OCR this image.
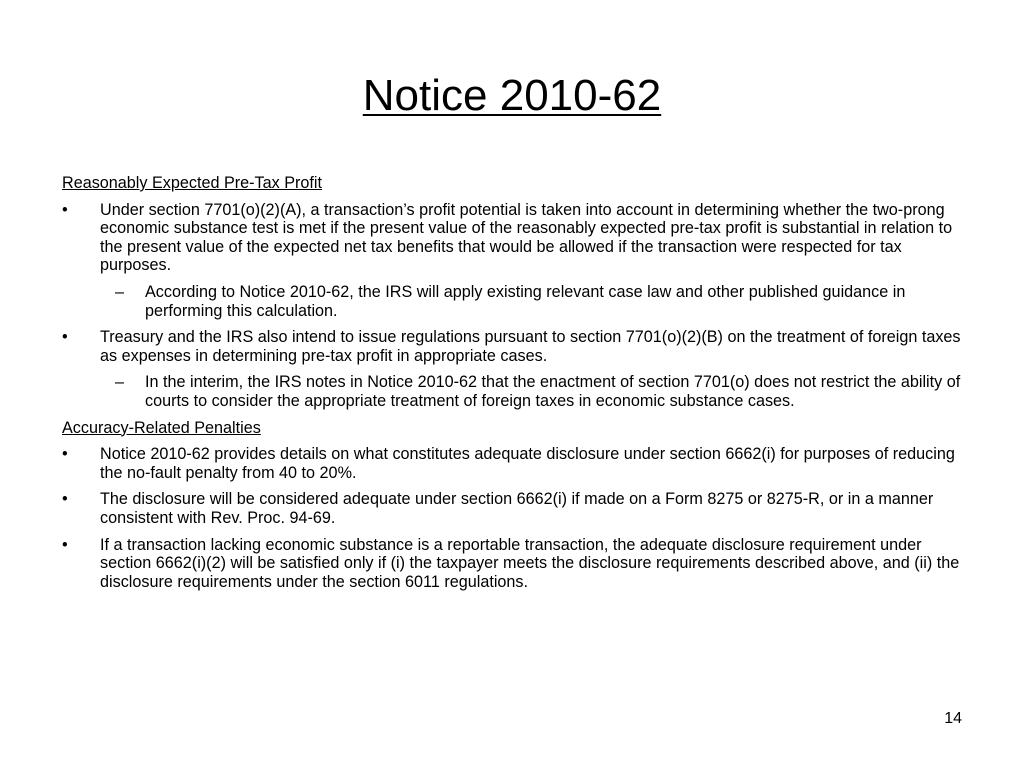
Notice 2010-62
Reasonably Expected Pre-Tax Profit
• Under section 7701(o)(2)(A), a transaction’s profit potential is taken into account in determining whether the two-prong economic substance test is met if the present value of the reasonably expected pre-tax profit is substantial in relation to the present value of the expected net tax benefits that would be allowed if the transaction were respected for tax purposes.
– According to Notice 2010-62, the IRS will apply existing relevant case law and other published guidance in performing this calculation.
• Treasury and the IRS also intend to issue regulations pursuant to section 7701(o)(2)(B) on the treatment of foreign taxes as expenses in determining pre-tax profit in appropriate cases.
– In the interim, the IRS notes in Notice 2010-62 that the enactment of section 7701(o) does not restrict the ability of courts to consider the appropriate treatment of foreign taxes in economic substance cases.
Accuracy-Related Penalties
• Notice 2010-62 provides details on what constitutes adequate disclosure under section 6662(i) for purposes of reducing the no-fault penalty from 40 to 20%.
• The disclosure will be considered adequate under section 6662(i) if made on a Form 8275 or 8275-R, or in a manner consistent with Rev. Proc. 94-69.
• If a transaction lacking economic substance is a reportable transaction, the adequate disclosure requirement under section 6662(i)(2) will be satisfied only if (i) the taxpayer meets the disclosure requirements described above, and (ii) the disclosure requirements under the section 6011 regulations.
14
